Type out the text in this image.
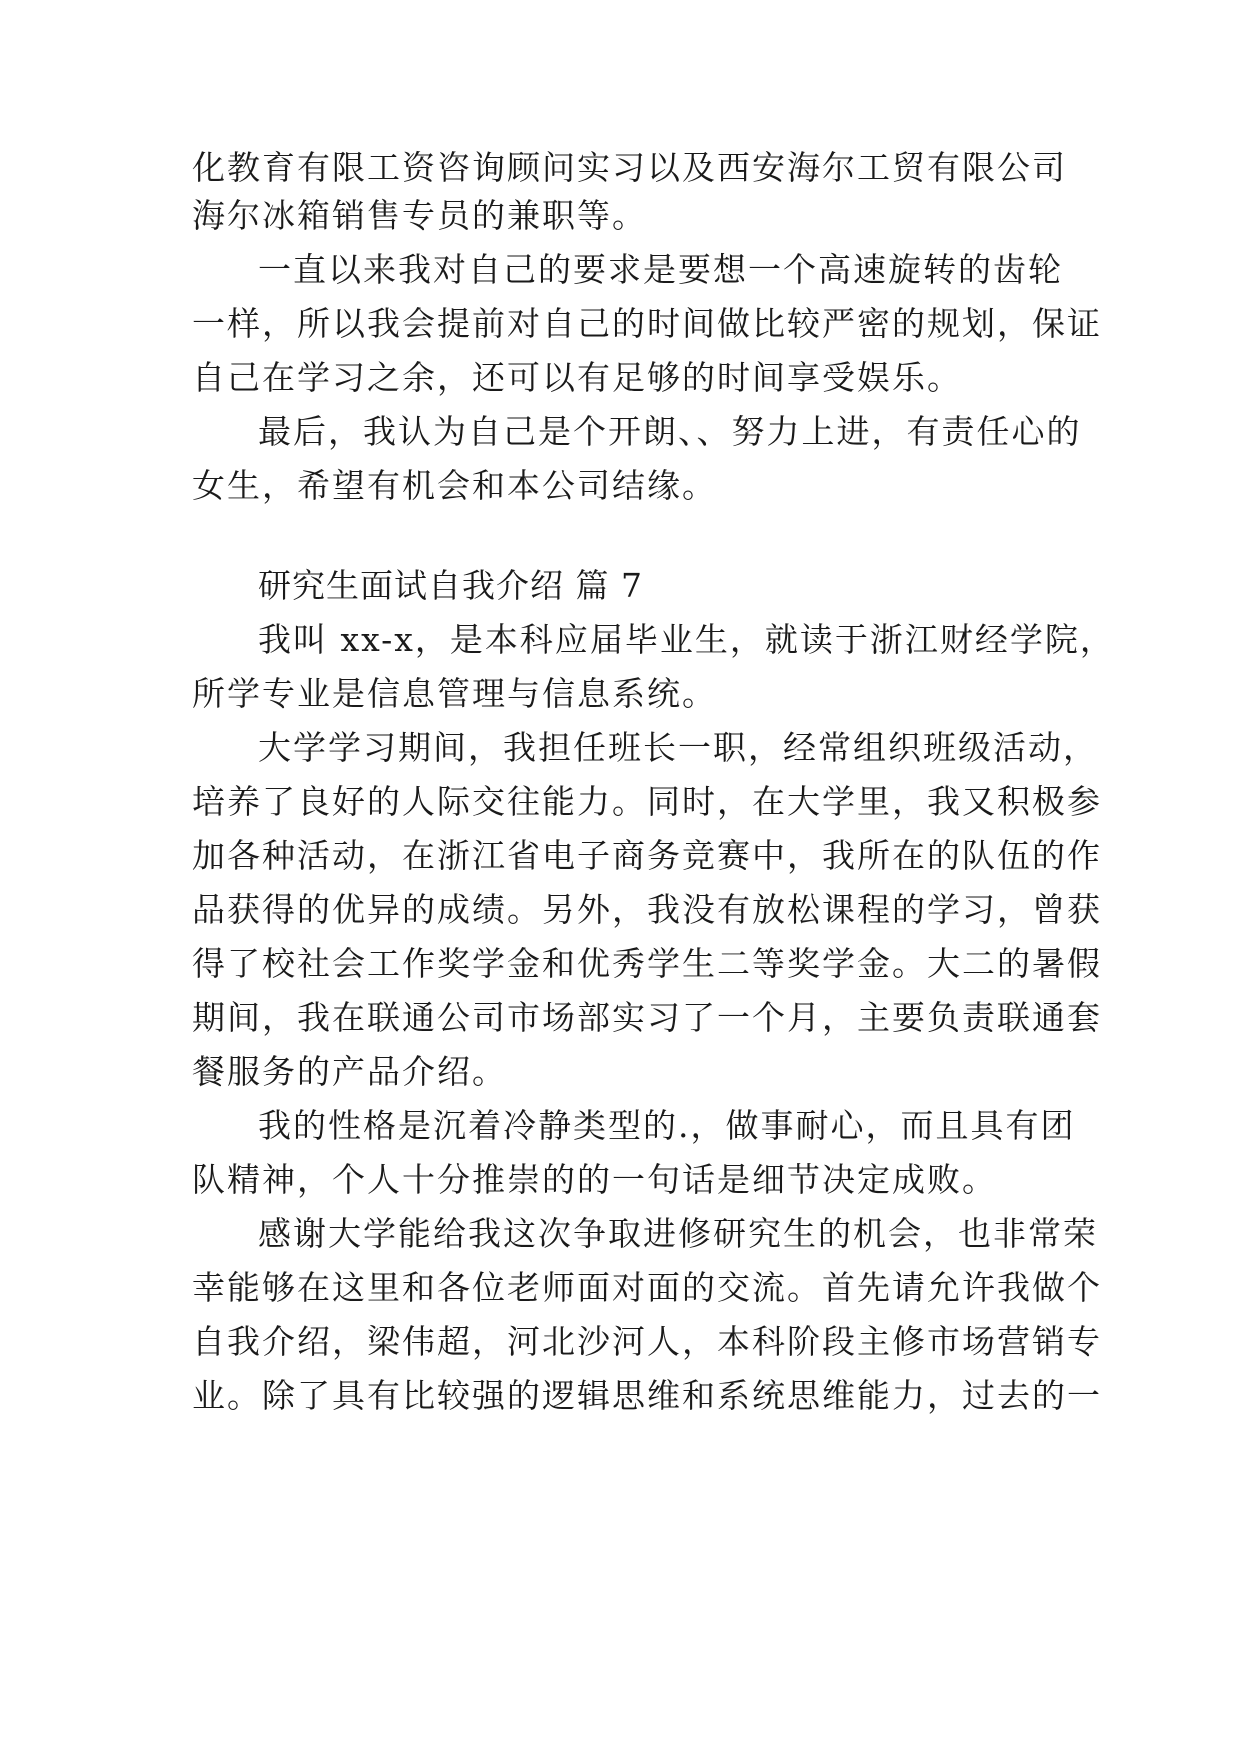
化教育有限工资咨询顾问实习以及西安海尔工贸有限公司
海尔冰箱销售专员的兼职等。
一直以来我对自己的要求是要想一个高速旋转的齿轮
一样，所以我会提前对自己的时间做比较严密的规划，保证
自己在学习之余，还可以有足够的时间享受娱乐。
最后，我认为自己是个开朗、、努力上进，有责任心的
女生，希望有机会和本公司结缘。
研究生面试自我介绍 篇 7
我叫 xx-x，是本科应届毕业生，就读于浙江财经学院，
所学专业是信息管理与信息系统。
大学学习期间，我担任班长一职，经常组织班级活动，
培养了良好的人际交往能力。同时，在大学里，我又积极参
加各种活动，在浙江省电子商务竞赛中，我所在的队伍的作
品获得的优异的成绩。另外，我没有放松课程的学习，曾获
得了校社会工作奖学金和优秀学生二等奖学金。大二的暑假
期间，我在联通公司市场部实习了一个月，主要负责联通套
餐服务的产品介绍。
我的性格是沉着冷静类型的.，做事耐心，而且具有团
队精神，个人十分推崇的的一句话是细节决定成败。
感谢大学能给我这次争取进修研究生的机会，也非常荣
幸能够在这里和各位老师面对面的交流。首先请允许我做个
自我介绍，梁伟超，河北沙河人，本科阶段主修市场营销专
业。除了具有比较强的逻辑思维和系统思维能力，过去的一
